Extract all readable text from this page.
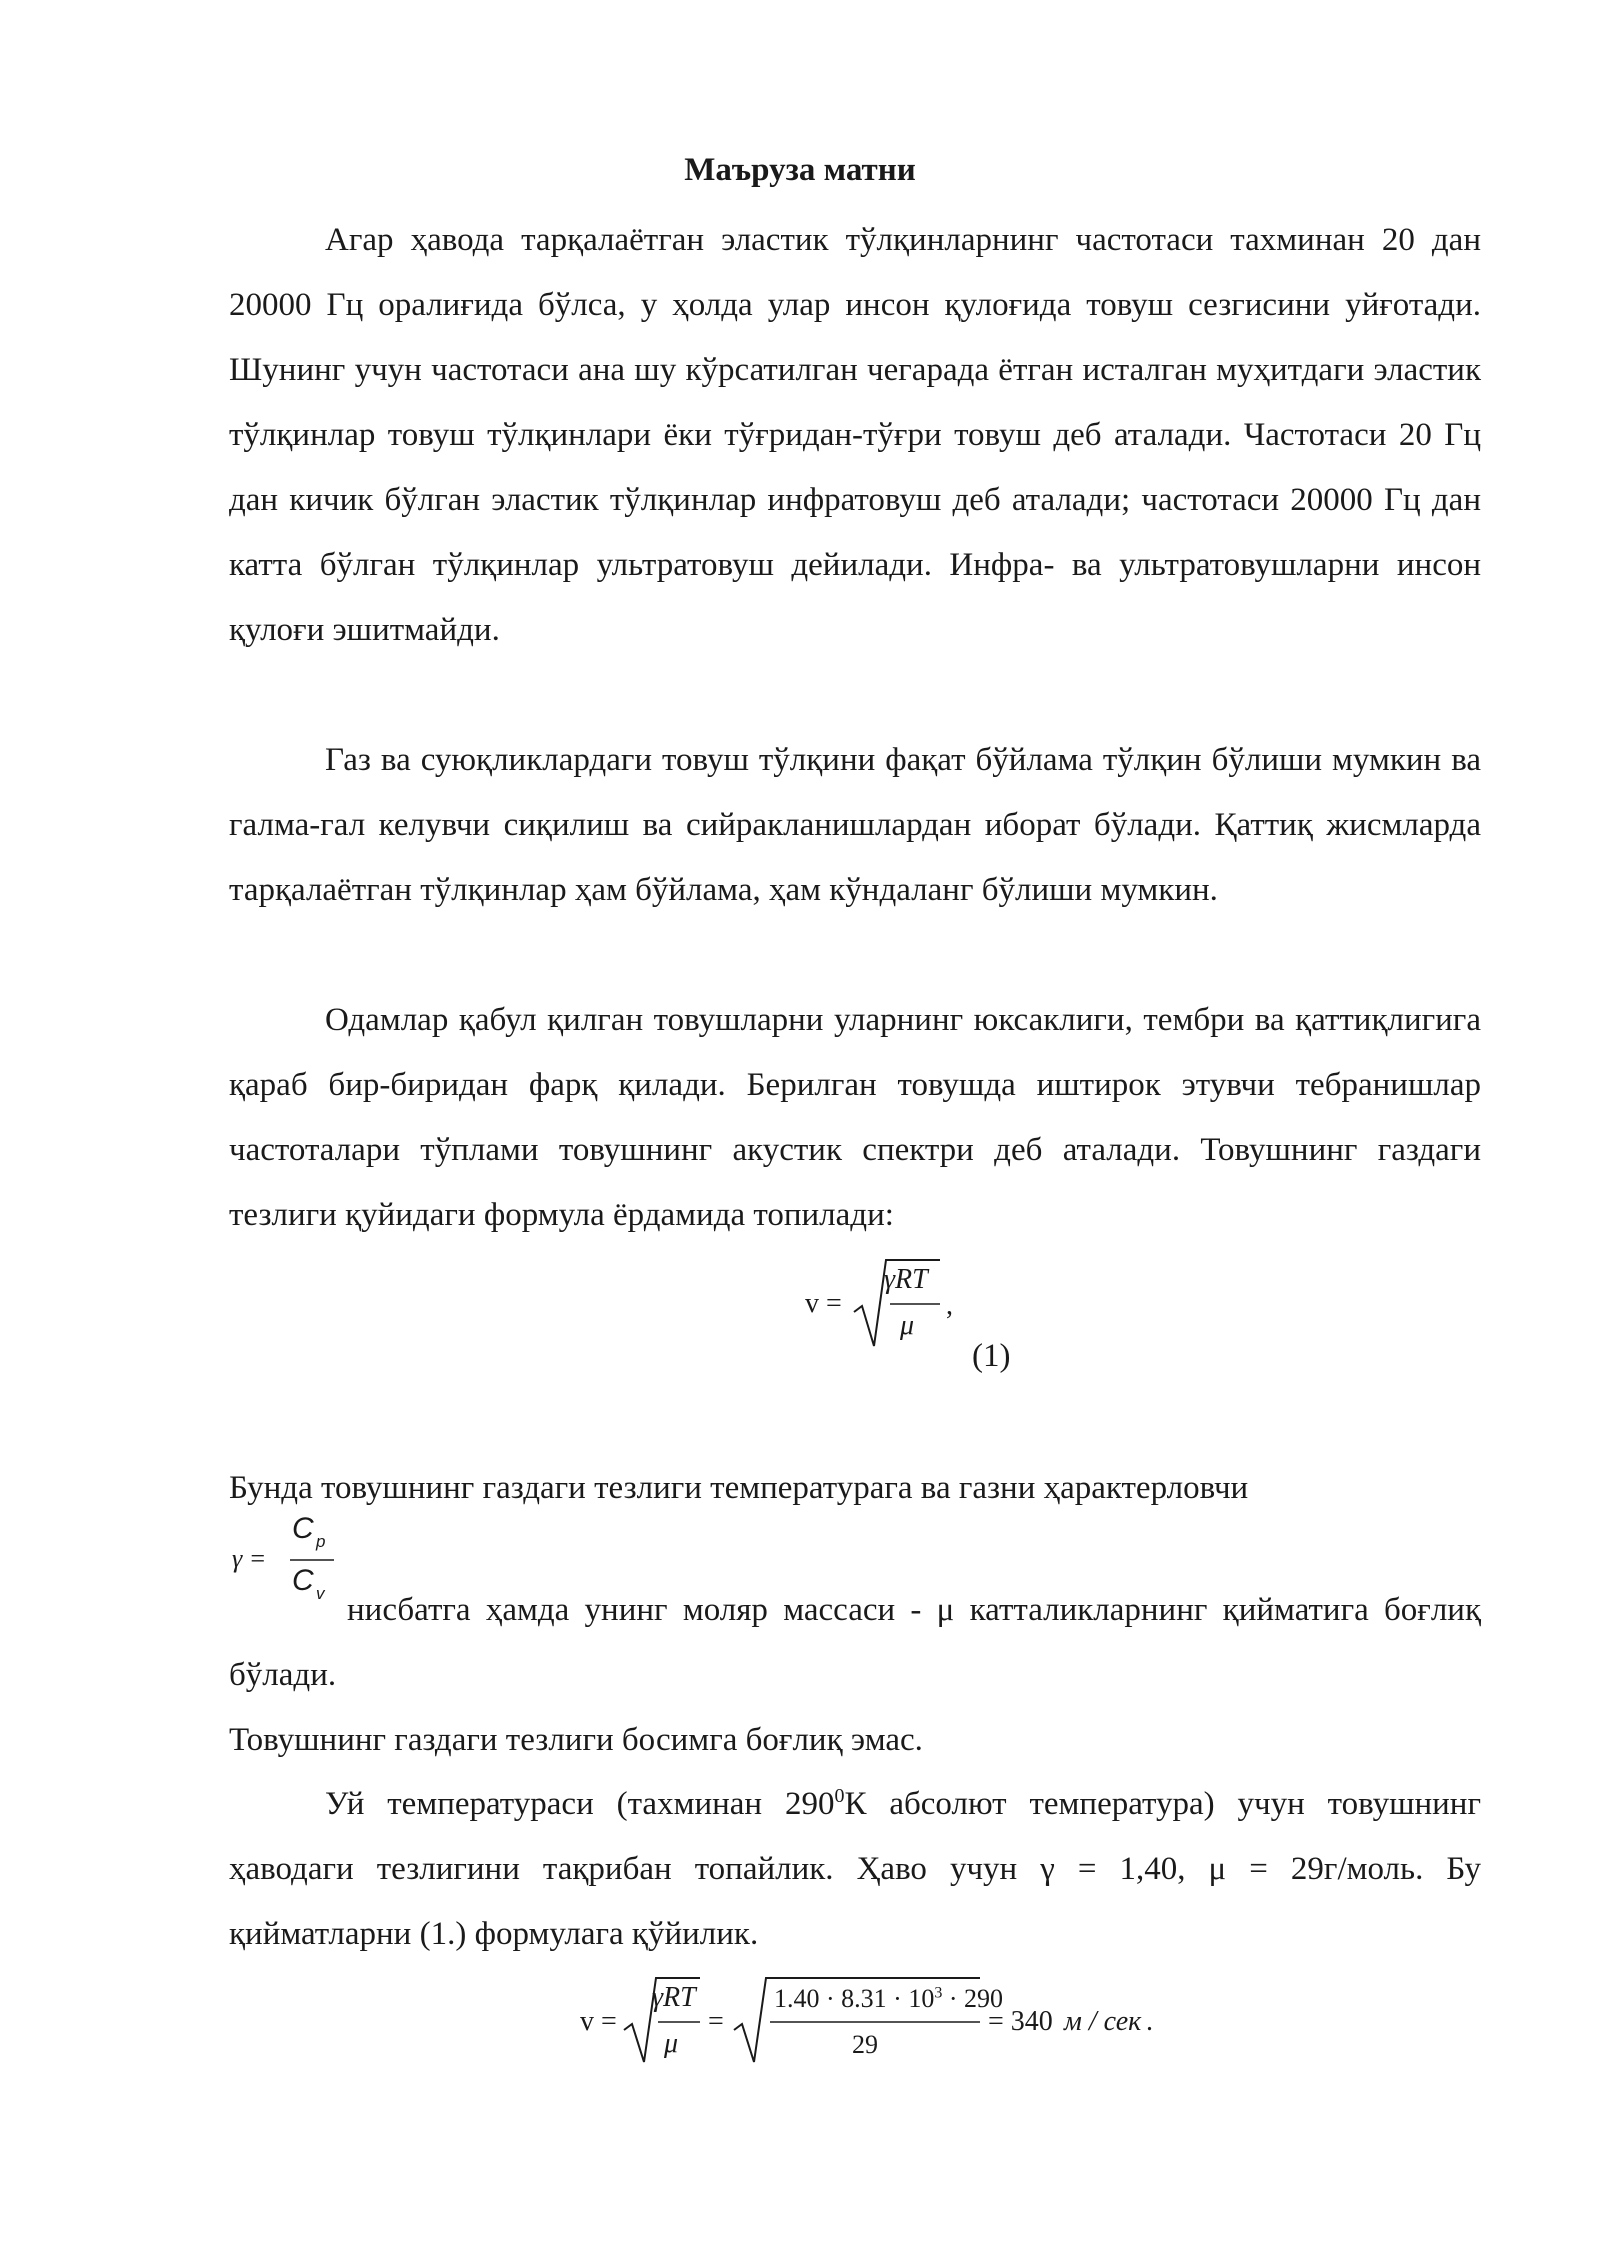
Маъруза матни

Агар ҳавода тарқалаётган эластик тўлқинларнинг частотаси тахминан 20 дан 20000 Гц оралиғида бўлса, у ҳолда улар инсон қулоғида товуш сезгисини уйғотади. Шунинг учун частотаси ана шу кўрсатилган чегарада ётган исталган муҳитдаги эластик тўлқинлар товуш тўлқинлари ёки тўғридан-тўғри товуш деб аталади. Частотаси 20 Гц дан кичик бўлган эластик тўлқинлар инфратовуш деб аталади; частотаси 20000 Гц дан катта бўлган тўлқинлар ультратовуш дейилади. Инфра- ва ультратовушларни инсон қулоғи эшитмайди.

Газ ва суюқликлардаги товуш тўлқини фақат бўйлама тўлқин бўлиши мумкин ва галма-гал келувчи сиқилиш ва сийракланишлардан иборат бўлади. Қаттиқ жисмларда тарқалаётган тўлқинлар ҳам бўйлама, ҳам кўндаланг бўлиши мумкин.

Одамлар қабул қилган товушларни уларнинг юксаклиги, тембри ва қаттиқлигига қараб бир-биридан фарқ қилади. Берилган товушда иштирок этувчи тебранишлар частоталари тўплами товушнинг акустик спектри деб аталади. Товушнинг газдаги тезлиги қуйидаги формула ёрдамида топилади:

v =
γRT
μ
,
(1)

Бунда товушнинг газдаги тезлиги температурага ва газни ҳарактерловчи

γ =
C p
C v нисбатга ҳамда унинг моляр массаси - μ катталикларнинг қийматига боғлиқ бўлади.

Товушнинг газдаги тезлиги босимга боғлиқ эмас.

Уй температураси (тахминан $290^0К$ абсолют температура) учун товушнинг ҳаводаги тезлигини тақрибан топайлик. Ҳаво учун γ = 1,40, μ = 29г/моль. Бу қийматларни (1.) формулага қўйилик.

v =
γRT
μ
=
$1.40 \cdot 8.31 \cdot 10^3 \cdot 290$
29
= 340 м / сек .
